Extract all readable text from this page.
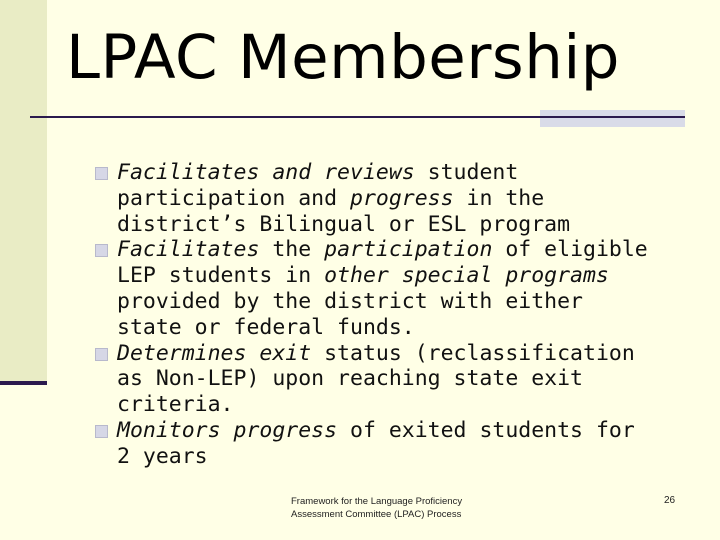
LPAC Membership
Facilitates and reviews student participation and progress in the district’s Bilingual or ESL program
Facilitates the participation of eligible LEP students in other special programs provided by the district with either state or federal funds.
Determines exit status (reclassification as Non-LEP) upon reaching state exit criteria.
Monitors progress of exited students for 2 years
Framework for the Language Proficiency
Assessment Committee (LPAC) Process
26
